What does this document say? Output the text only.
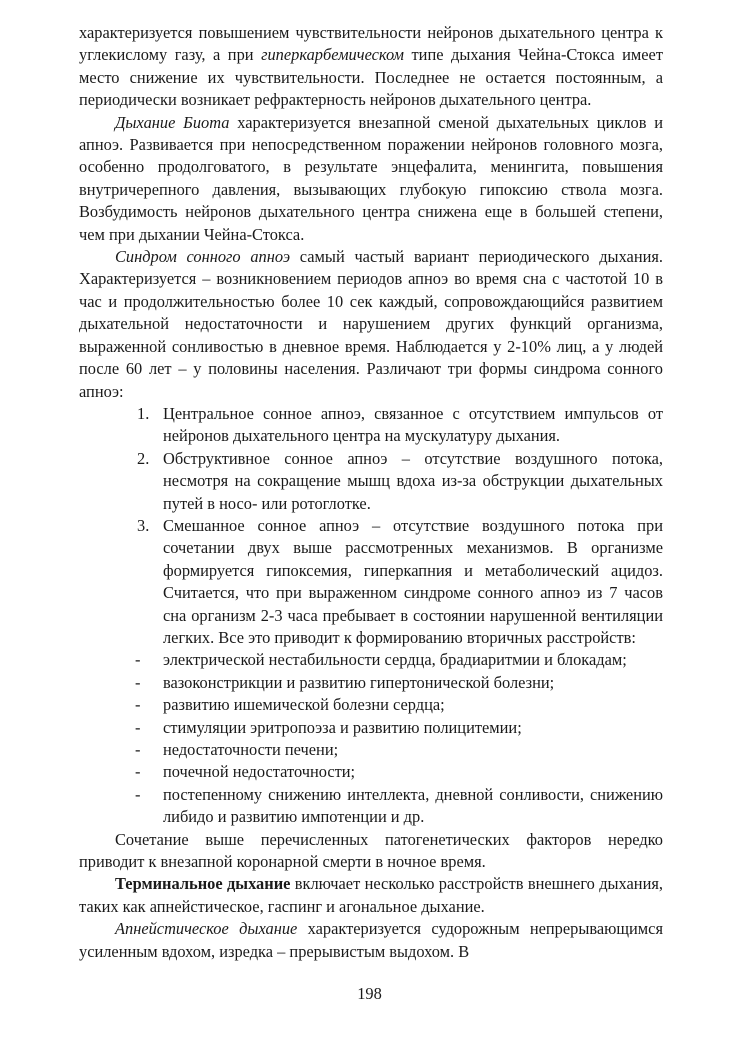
характеризуется повышением чувствительности нейронов дыхательного центра к углекислому газу, а при гиперкарбемическом типе дыхания Чейна-Стокса имеет место снижение их чувствительности. Последнее не остается постоянным, а периодически возникает рефрактерность нейронов дыхательного центра.

Дыхание Биота характеризуется внезапной сменой дыхательных циклов и апноэ. Развивается при непосредственном поражении нейронов головного мозга, особенно продолговатого, в результате энцефалита, менингита, повышения внутричерепного давления, вызывающих глубокую гипоксию ствола мозга. Возбудимость нейронов дыхательного центра снижена еще в большей степени, чем при дыхании Чейна-Стокса.

Синдром сонного апноэ самый частый вариант периодического дыхания. Характеризуется – возникновением периодов апноэ во время сна с частотой 10 в час и продолжительностью более 10 сек каждый, сопровождающийся развитием дыхательной недостаточности и нарушением других функций организма, выраженной сонливостью в дневное время. Наблюдается у 2-10% лиц, а у людей после 60 лет – у половины населения. Различают три формы синдрома сонного апноэ:

1. Центральное сонное апноэ, связанное с отсутствием импульсов от нейронов дыхательного центра на мускулатуру дыхания.
2. Обструктивное сонное апноэ – отсутствие воздушного потока, несмотря на сокращение мышц вдоха из-за обструкции дыхательных путей в носо- или ротоглотке.
3. Смешанное сонное апноэ – отсутствие воздушного потока при сочетании двух выше рассмотренных механизмов. В организме формируется гипоксемия, гиперкапния и метаболический ацидоз. Считается, что при выраженном синдроме сонного апноэ из 7 часов сна организм 2-3 часа пребывает в состоянии нарушенной вентиляции легких. Все это приводит к формированию вторичных расстройств:
- электрической нестабильности сердца, брадиаритмии и блокадам;
- вазоконстрикции и развитию гипертонической болезни;
- развитию ишемической болезни сердца;
- стимуляции эритропоэза и развитию полицитемии;
- недостаточности печени;
- почечной недостаточности;
- постепенному снижению интеллекта, дневной сонливости, снижению либидо и развитию импотенции и др.

Сочетание выше перечисленных патогенетических факторов нередко приводит к внезапной коронарной смерти в ночное время.

Терминальное дыхание включает несколько расстройств внешнего дыхания, таких как апнейстическое, гаспинг и агональное дыхание.

Апнейстическое дыхание характеризуется судорожным непрерывающимся усиленным вдохом, изредка – прерывистым выдохом. В

198
